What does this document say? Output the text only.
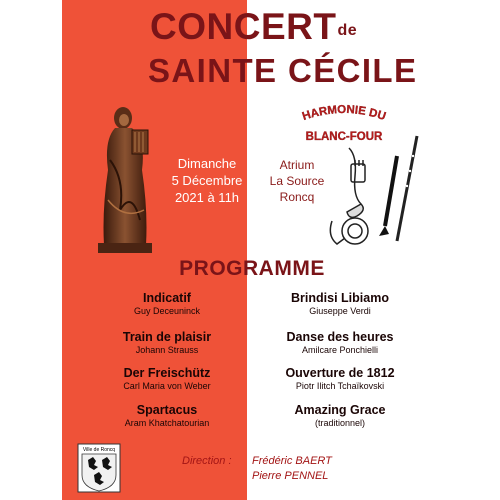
$CONCERT^{de}$
SAINTE CÉCILE
Dimanche
5 Décembre
2021 à 11h
Atrium
La Source
Roncq
HARMONIE DU
BLANC-FOUR
PROGRAMME
Indicatif
Guy Deceuninck
Train de plaisir
Johann Strauss
Der Freischütz
Carl Maria von Weber
Spartacus
Aram Khatchatourian
Brindisi Libiamo
Giuseppe Verdi
Danse des heures
Amilcare Ponchielli
Ouverture de 1812
Piotr Ilitch Tchaïkovski
Amazing Grace
(traditionnel)
Ville de Roncq
Direction : Frédéric BAERT
Pierre PENNEL
